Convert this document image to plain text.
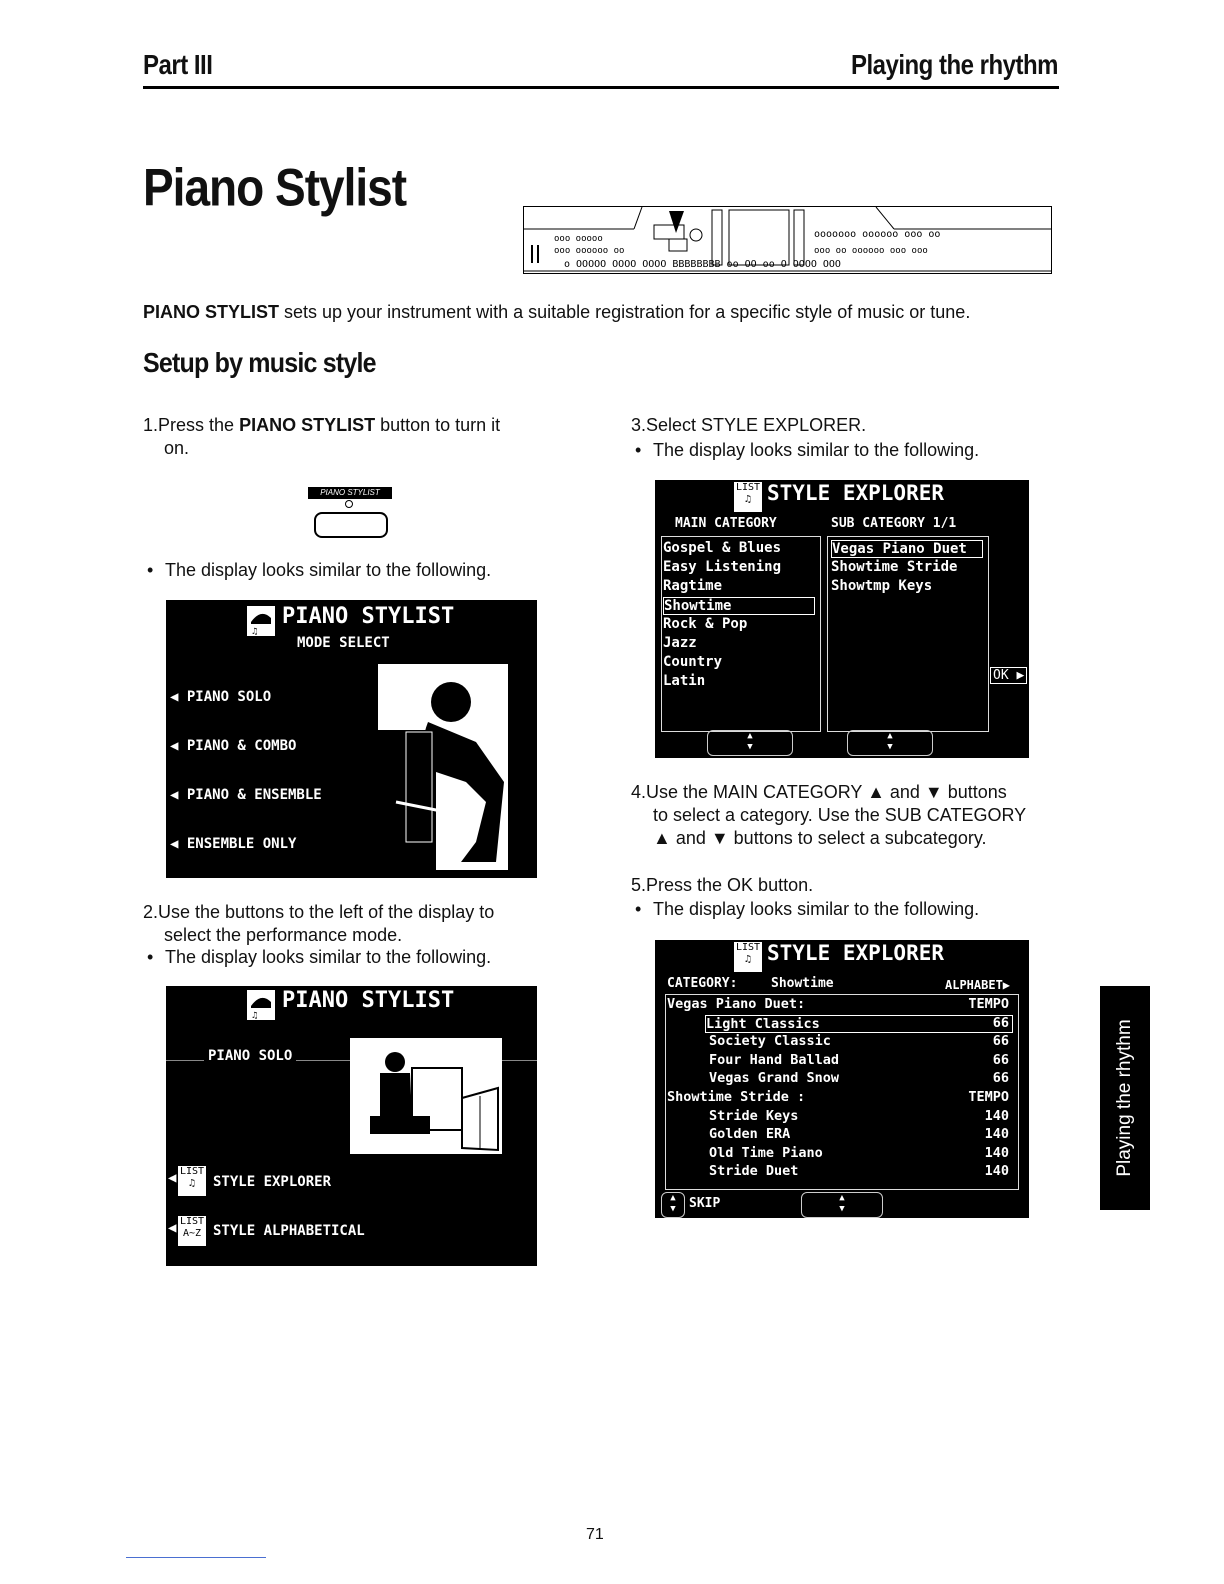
Part III	Playing the rhythm
Piano Stylist
ooo ooooo
ooo oooooo oo
o OOOOO OOOO OOOO BBBBBBBB oo OO oo O OOOO OOO
ooooooo oooooo ooo oo
ooo oo oooooo ooo ooo
PIANO STYLIST sets up your instrument with a suitable registration for a specific style of music or tune.
Setup by music style
1.Press the PIANO STYLIST button to turn it
on.
PIANO STYLIST
• The display looks similar to the following.
♫
PIANO STYLIST
MODE SELECT
◀ PIANO SOLO
◀ PIANO & COMBO
◀ PIANO & ENSEMBLE
◀ ENSEMBLE ONLY
2.Use the buttons to the left of the display to
select the performance mode.
• The display looks similar to the following.
♫
PIANO STYLIST
PIANO SOLO
◀ LIST
♫	STYLE EXPLORER
◀ LIST
A~Z STYLE ALPHABETICAL
3.Select STYLE EXPLORER.
• The display looks similar to the following.
LIST
♫ STYLE EXPLORER
MAIN CATEGORY	SUB CATEGORY 1/1
OK ▶
▲
▼
▲
▼
Gospel & Blues
Easy Listening
Ragtime
Showtime
Rock & Pop
Jazz
Country
Latin
Vegas Piano Duet
Showtime Stride
Showtmp Keys
4.Use the MAIN CATEGORY ▲ and ▼ buttons
to select a category. Use the SUB CATEGORY
▲ and ▼ buttons to select a subcategory.
5.Press the OK button.
• The display looks similar to the following.
LIST
♫ STYLE EXPLORER
CATEGORY:	Showtime	ALPHABET▶
▲
▼	SKIP	▲
▼
Vegas Piano Duet:	TEMPO
Light Classics	66
Society Classic	66
Four Hand Ballad	66
Vegas Grand Snow	66
Showtime Stride :	TEMPO
Stride Keys	140
Golden ERA	140
Old Time Piano	140
Stride Duet	140	Playing the rhythm
71
